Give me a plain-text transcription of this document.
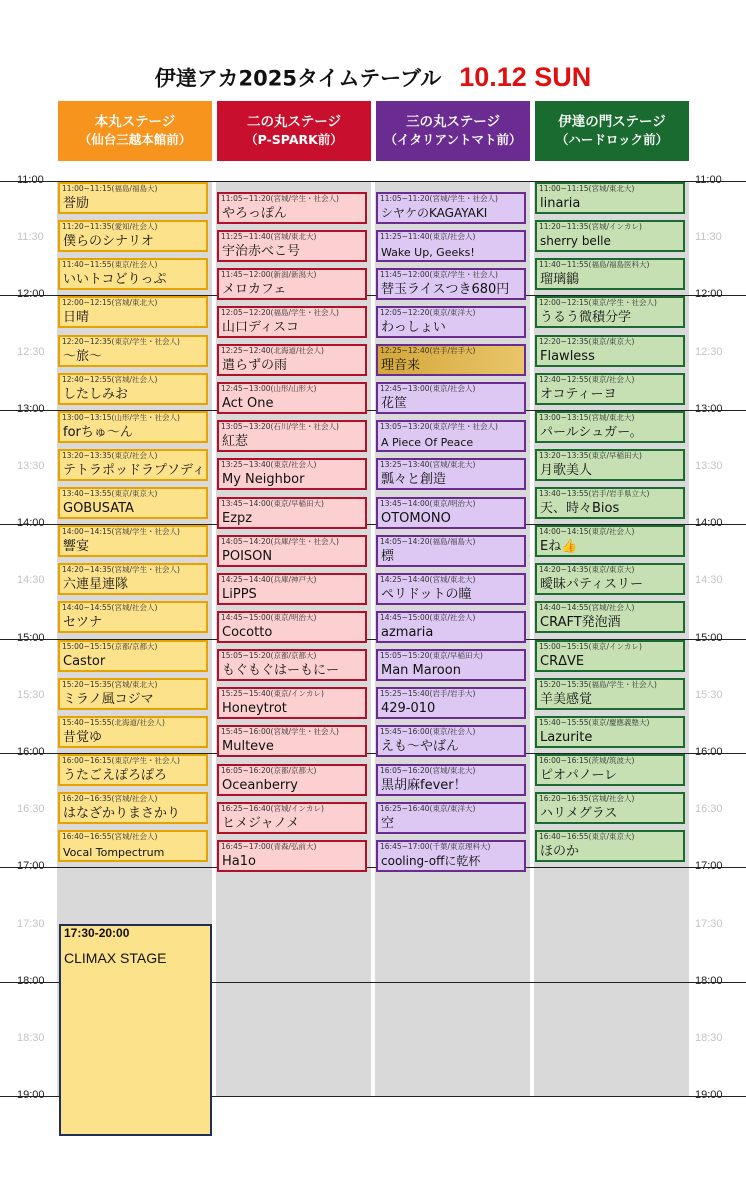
伊達アカ2025タイムテーブル 10.12 SUN
11:00	11:00
11:30	11:30
12:00	12:00
12:30	12:30
13:00	13:00
13:30	13:30
14:00	14:00
14:30	14:30
15:00	15:00
15:30	15:30
16:00	16:00
16:30	16:30
17:00	17:00
17:30	17:30
18:00	18:00
18:30	18:30
19:00	19:00
本丸ステージ
（仙台三越本館前）
11:00~11:15(福島/福島大)
誉励
11:20~11:35(愛知/社会人)
僕らのシナリオ
11:40~11:55(東京/社会人)
いいトコどりっぷ
12:00~12:15(宮城/東北大)
日晴
12:20~12:35(東京/学生・社会人)
～旅～
12:40~12:55(宮城/社会人)
したしみお
13:00~13:15(山形/学生・社会人)
forちゅ～ん
13:20~13:35(東京/社会人)
テトラポッドラプソディ
13:40~13:55(東京/東京大)
GOBUSATA
14:00~14:15(宮城/学生・社会人)
響宴
14:20~14:35(宮城/学生・社会人)
六連星連隊
14:40~14:55(宮城/社会人)
セツナ
15:00~15:15(京都/京都大)
Castor
15:20~15:35(宮城/東北大)
ミラノ風コジマ
15:40~15:55(北海道/社会人)
昔覚ゆ
16:00~16:15(東京/学生・社会人)
うたごえぽろぽろ
16:20~16:35(宮城/社会人)
はなざかりまさかり
16:40~16:55(宮城/社会人)
Vocal Tompectrum
17:30-20:00
CLIMAX STAGE
二の丸ステージ
（P-SPARK前）
11:05~11:20(宮城/学生・社会人)
やろっぽん
11:25~11:40(宮城/東北大)
宇治赤べこ号
11:45~12:00(新潟/新潟大)
メロカフェ
12:05~12:20(福島/学生・社会人)
山口ディスコ
12:25~12:40(北海道/社会人)
遣らずの雨
12:45~13:00(山形/山形大)
Act One
13:05~13:20(石川/学生・社会人)
紅惹
13:25~13:40(東京/社会人)
My Neighbor
13:45~14:00(東京/早稲田大)
Ezpz
14:05~14:20(兵庫/学生・社会人)
POISON
14:25~14:40(兵庫/神戸大)
LiPPS
14:45~15:00(東京/明治大)
Cocotto
15:05~15:20(京都/京都大)
もぐもぐはーもにー
15:25~15:40(東京/インカレ)
Honeytrot
15:45~16:00(宮城/学生・社会人)
Multeve
16:05~16:20(京都/京都大)
Oceanberry
16:25~16:40(宮城/インカレ)
ヒメジャノメ
16:45~17:00(青森/弘前大)
Ha1o
三の丸ステージ
（イタリアントマト前）
11:05~11:20(宮城/学生・社会人)
シヤケのKAGAYAKI
11:25~11:40(東京/社会人)
Wake Up, Geeks!
11:45~12:00(東京/学生・社会人)
替玉ライスつき680円
12:05~12:20(東京/東洋大)
わっしょい
12:25~12:40(岩手/岩手大)
理音来
12:45~13:00(東京/社会人)
花筐
13:05~13:20(東京/学生・社会人)
A Piece Of Peace
13:25~13:40(宮城/東北大)
瓢々と創造
13:45~14:00(東京/明治大)
OTOMONO
14:05~14:20(福島/福島大)
標
14:25~14:40(宮城/東北大)
ペリドットの瞳
14:45~15:00(東京/社会人)
azmaria
15:05~15:20(東京/早稲田大)
Man Maroon
15:25~15:40(岩手/岩手大)
429-010
15:45~16:00(東京/社会人)
えも～やばん
16:05~16:20(宮城/東北大)
黒胡麻fever！
16:25~16:40(東京/東洋大)
空
16:45~17:00(千葉/東京理科大)
cooling-offに乾杯
伊達の門ステージ
（ハードロック前）
11:00~11:15(宮城/東北大)
linaria
11:20~11:35(宮城/インカレ)
sherry belle
11:40~11:55(福島/福島医科大)
瑠璃鶲
12:00~12:15(東京/学生・社会人)
うるう微積分学
12:20~12:35(東京/東京大)
Flawless
12:40~12:55(東京/社会人)
オコティーヨ
13:00~13:15(宮城/東北大)
パールシュガー。
13:20~13:35(東京/早稲田大)
月歌美人
13:40~13:55(岩手/岩手県立大)
天、時々Bios
14:00~14:15(東京/社会人)
Eね👍
14:20~14:35(東京/東京大)
曖昧パティスリー
14:40~14:55(宮城/社会人)
CRAFT発泡酒
15:00~15:15(東京/インカレ)
CRΔVE
15:20~15:35(福島/学生・社会人)
羊美感覚
15:40~15:55(東京/慶應義塾大)
Lazurite
16:00~16:15(茨城/筑波大)
ピオパノーレ
16:20~16:35(宮城/社会人)
ハリメグラス
16:40~16:55(東京/東京大)
ほのか
